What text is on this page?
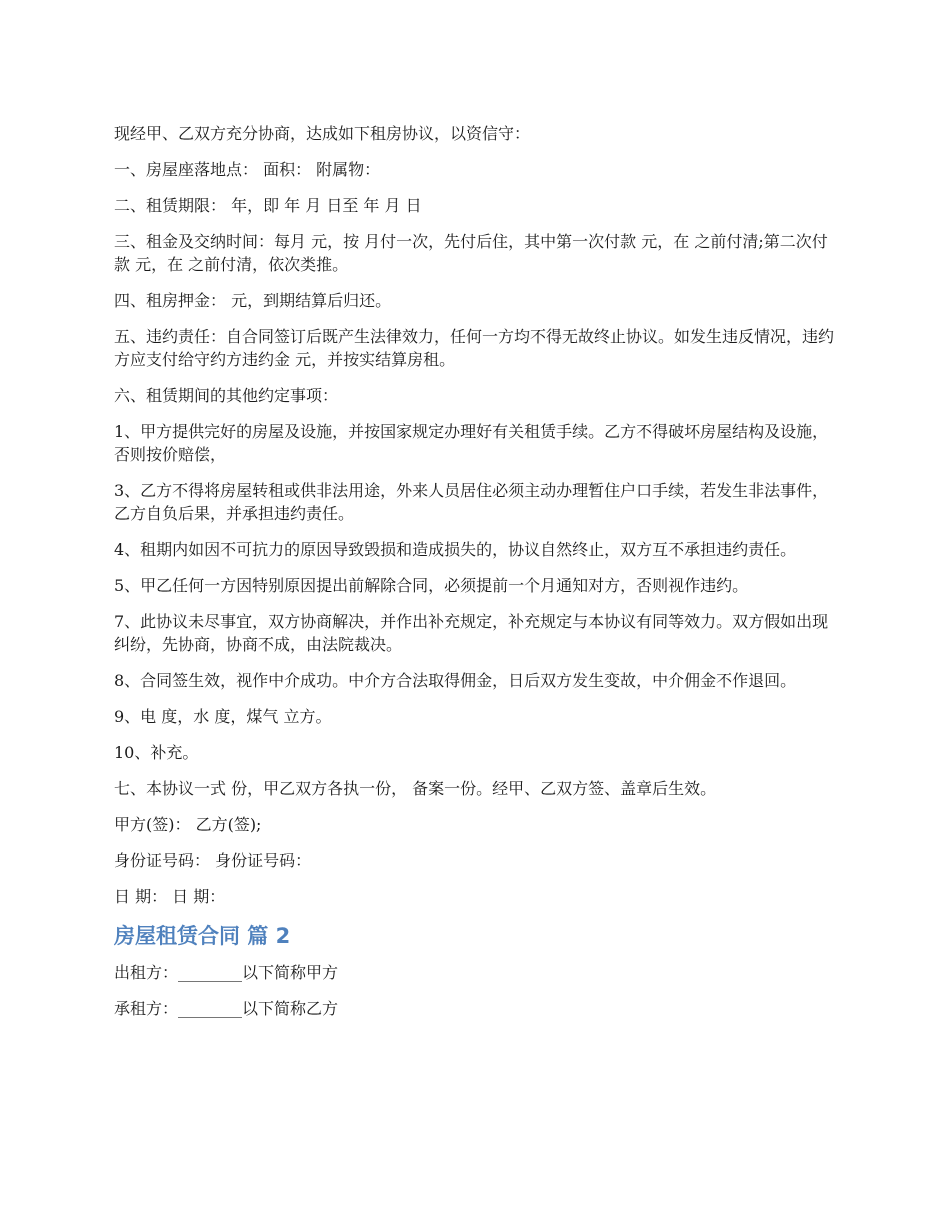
现经甲、乙双方充分协商，达成如下租房协议，以资信守：

一、房屋座落地点： 面积： 附属物：

二、租赁期限： 年，即 年 月 日至 年 月 日

三、租金及交纳时间：每月 元，按 月付一次，先付后住，其中第一次付款 元，在 之前付清;第二次付款 元，在 之前付清，依次类推。

四、租房押金： 元，到期结算后归还。

五、违约责任：自合同签订后既产生法律效力，任何一方均不得无故终止协议。如发生违反情况，违约方应支付给守约方违约金 元，并按实结算房租。

六、租赁期间的其他约定事项：

1、甲方提供完好的房屋及设施，并按国家规定办理好有关租赁手续。乙方不得破坏房屋结构及设施，否则按价赔偿，

3、乙方不得将房屋转租或供非法用途，外来人员居住必须主动办理暂住户口手续，若发生非法事件，乙方自负后果，并承担违约责任。

4、租期内如因不可抗力的原因导致毁损和造成损失的，协议自然终止，双方互不承担违约责任。

5、甲乙任何一方因特别原因提出前解除合同，必须提前一个月通知对方，否则视作违约。

7、此协议未尽事宜，双方协商解决，并作出补充规定，补充规定与本协议有同等效力。双方假如出现纠纷，先协商，协商不成，由法院裁决。

8、合同签生效，视作中介成功。中介方合法取得佣金，日后双方发生变故，中介佣金不作退回。

9、电 度，水 度，煤气 立方。

10、补充。

七、本协议一式 份，甲乙双方各执一份， 备案一份。经甲、乙双方签、盖章后生效。

甲方(签)： 乙方(签);

身份证号码： 身份证号码：

日 期： 日 期：

房屋租赁合同 篇 2

出租方：________以下简称甲方

承租方：________以下简称乙方
